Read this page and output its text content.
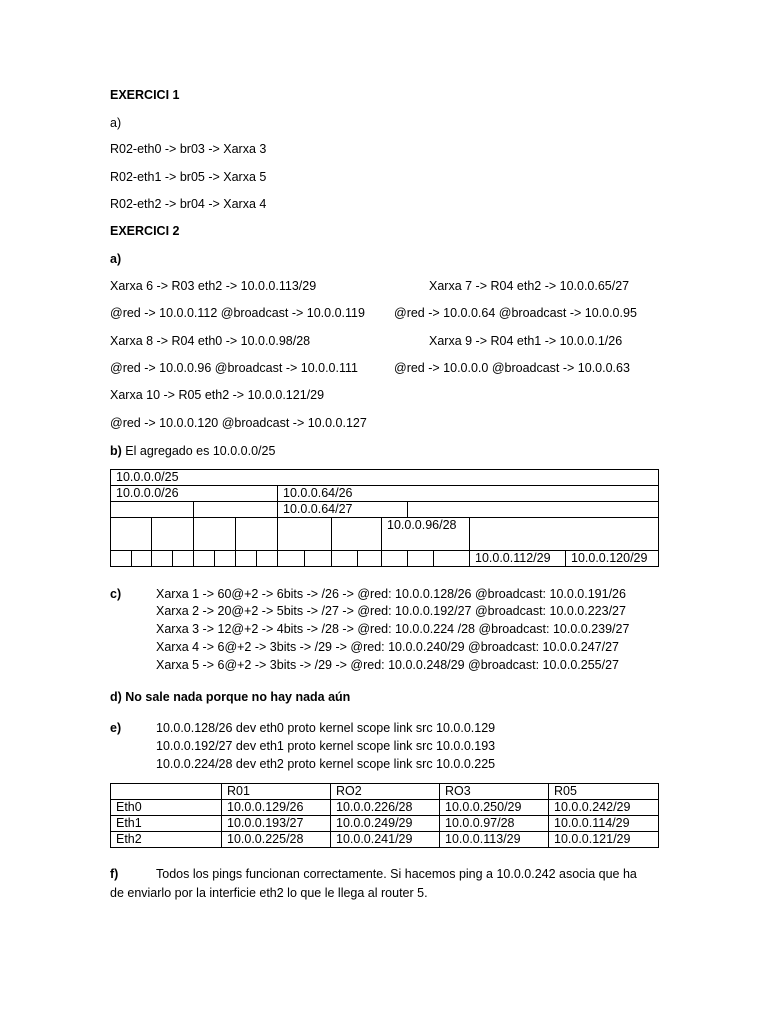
EXERCICI 1
a)
R02-eth0 -> br03 -> Xarxa 3
R02-eth1 -> br05 -> Xarxa 5
R02-eth2 -> br04 -> Xarxa 4
EXERCICI 2
a)
Xarxa 6 -> R03 eth2 -> 10.0.0.113/29	Xarxa 7 -> R04 eth2 -> 10.0.0.65/27
@red -> 10.0.0.112 @broadcast -> 10.0.0.119 @red -> 10.0.0.64 @broadcast -> 10.0.0.95
Xarxa 8 -> R04 eth0 -> 10.0.0.98/28	Xarxa 9 -> R04 eth1 -> 10.0.0.1/26
@red -> 10.0.0.96 @broadcast -> 10.0.0.111	@red -> 10.0.0.0 @broadcast -> 10.0.0.63
Xarxa 10 -> R05 eth2 -> 10.0.0.121/29
@red -> 10.0.0.120 @broadcast -> 10.0.0.127
b) El agregado es 10.0.0.0/25
10.0.0.0/25																
10.0.0.0/26								10.0.0.64/26								
								10.0.0.64/27								
												10.0.0.96/28				
															10.0.0.112/29	10.0.0.120/29
c)	Xarxa 1 -> 60@+2 -> 6bits -> /26 -> @red: 10.0.0.128/26 @broadcast: 10.0.0.191/26
Xarxa 2 -> 20@+2 -> 5bits -> /27 -> @red: 10.0.0.192/27 @broadcast: 10.0.0.223/27
Xarxa 3 -> 12@+2 -> 4bits -> /28 -> @red: 10.0.0.224 /28 @broadcast: 10.0.0.239/27
Xarxa 4 -> 6@+2 -> 3bits -> /29 -> @red: 10.0.0.240/29 @broadcast: 10.0.0.247/27
Xarxa 5 -> 6@+2 -> 3bits -> /29 -> @red: 10.0.0.248/29 @broadcast: 10.0.0.255/27
d) No sale nada porque no hay nada aún
e)	10.0.0.128/26 dev eth0 proto kernel scope link src 10.0.0.129
10.0.0.192/27 dev eth1 proto kernel scope link src 10.0.0.193
10.0.0.224/28 dev eth2 proto kernel scope link src 10.0.0.225
	R01	RO2	RO3	R05
Eth0	10.0.0.129/26	10.0.0.226/28	10.0.0.250/29	10.0.0.242/29
Eth1	10.0.0.193/27	10.0.0.249/29	10.0.0.97/28	10.0.0.114/29
Eth2	10.0.0.225/28	10.0.0.241/29	10.0.0.113/29	10.0.0.121/29
f)	Todos los pings funcionan correctamente. Si hacemos ping a 10.0.0.242 asocia que ha
de enviarlo por la interficie eth2 lo que le llega al router 5.
